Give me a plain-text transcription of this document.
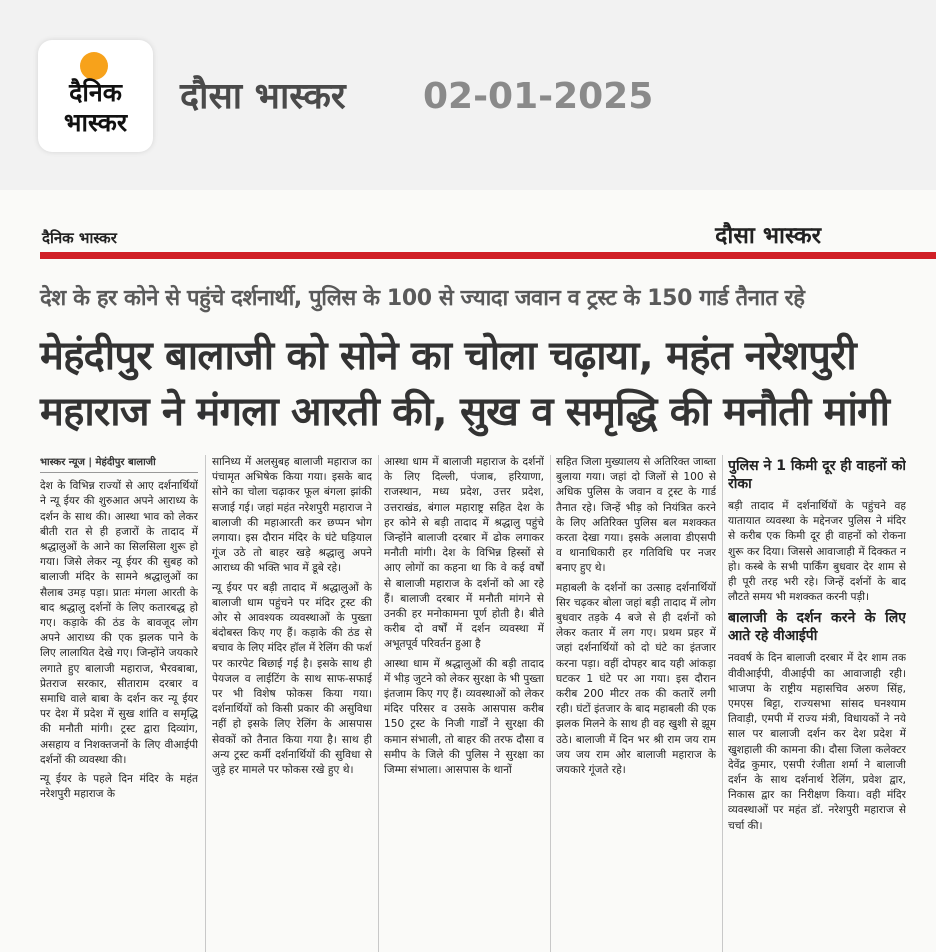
दैनिक
भास्कर
दौसा भास्कर 02-01-2025
दैनिक भास्कर	दौसा भास्कर
देश के हर कोने से पहुंचे दर्शनार्थी, पुलिस के 100 से ज्यादा जवान व ट्रस्ट के 150 गार्ड तैनात रहे
मेहंदीपुर बालाजी को सोने का चोला चढ़ाया, महंत नरेशपुरी
महाराज ने मंगला आरती की, सुख व समृद्धि की मनौती मांगी
भास्कर न्यूज | मेहंदीपुर बालाजी

देश के विभिन्न राज्यों से आए दर्शनार्थियों ने न्यू ईयर की शुरुआत अपने आराध्य के दर्शन के साथ की। आस्था भाव को लेकर बीती रात से ही हजारों के तादाद में श्रद्धालुओं के आने का सिलसिला शुरू हो गया। जिसे लेकर न्यू ईयर की सुबह को बालाजी मंदिर के सामने श्रद्धालुओं का सैलाब उमड़ पड़ा। प्रातः मंगला आरती के बाद श्रद्धालु दर्शनों के लिए कतारबद्ध हो गए। कड़ाके की ठंड के बावजूद लोग अपने आराध्य की एक झलक पाने के लिए लालायित देखे गए। जिन्होंने जयकारे लगाते हुए बालाजी महाराज, भैरवबाबा, प्रेतराज सरकार, सीताराम दरबार व समाधि वाले बाबा के दर्शन कर न्यू ईयर पर देश में प्रदेश में सुख शांति व समृद्धि की मनौती मांगी। ट्रस्ट द्वारा दिव्यांग, असहाय व निशक्तजनों के लिए वीआईपी दर्शनों की व्यवस्था की।

न्यू ईयर के पहले दिन मंदिर के महंत नरेशपुरी महाराज के

सानिध्य में अलसुबह बालाजी महाराज का पंचामृत अभिषेक किया गया। इसके बाद सोने का चोला चढ़ाकर फूल बंगला झांकी सजाई गई। जहां महंत नरेशपुरी महाराज ने बालाजी की महाआरती कर छप्पन भोग लगाया। इस दौरान मंदिर के घंटे घड़ियाल गूंज उठे तो बाहर खड़े श्रद्धालु अपने आराध्य की भक्ति भाव में डूबे रहे।

न्यू ईयर पर बड़ी तादाद में श्रद्धालुओं के बालाजी धाम पहुंचने पर मंदिर ट्रस्ट की ओर से आवश्यक व्यवस्थाओं के पुख्ता बंदोबस्त किए गए हैं। कड़ाके की ठंड से बचाव के लिए मंदिर हॉल में रेलिंग की फर्श पर कारपेट बिछाई गई है। इसके साथ ही पेयजल व लाईटिंग के साथ साफ-सफाई पर भी विशेष फोकस किया गया। दर्शनार्थियों को किसी प्रकार की असुविधा नहीं हो इसके लिए रेलिंग के आसपास सेवकों को तैनात किया गया है। साथ ही अन्य ट्रस्ट कर्मी दर्शनार्थियों की सुविधा से जुड़े हर मामले पर फोकस रखे हुए थे।

आस्था धाम में बालाजी महाराज के दर्शनों के लिए दिल्ली, पंजाब, हरियाणा, राजस्थान, मध्य प्रदेश, उत्तर प्रदेश, उत्तराखंड, बंगाल महाराष्ट्र सहित देश के हर कोने से बड़ी तादाद में श्रद्धालु पहुंचे जिन्होंने बालाजी दरबार में ढोक लगाकर मनौती मांगी। देश के विभिन्न हिस्सों से आए लोगों का कहना था कि वे कई वर्षों से बालाजी महाराज के दर्शनों को आ रहे हैं। बालाजी दरबार में मनौती मांगने से उनकी हर मनोकामना पूर्ण होती है। बीते करीब दो वर्षों में दर्शन व्यवस्था में अभूतपूर्व परिवर्तन हुआ है

आस्था धाम में श्रद्धालुओं की बड़ी तादाद में भीड़ जुटने को लेकर सुरक्षा के भी पुख्ता इंतजाम किए गए हैं। व्यवस्थाओं को लेकर मंदिर परिसर व उसके आसपास करीब 150 ट्रस्ट के निजी गार्डों ने सुरक्षा की कमान संभाली, तो बाहर की तरफ दौसा व समीप के जिले की पुलिस ने सुरक्षा का जिम्मा संभाला। आसपास के थानों

सहित जिला मुख्यालय से अतिरिक्त जाब्ता बुलाया गया। जहां दो जिलों से 100 से अधिक पुलिस के जवान व ट्रस्ट के गार्ड तैनात रहे। जिन्हें भीड़ को नियंत्रित करने के लिए अतिरिक्त पुलिस बल मशक्कत करता देखा गया। इसके अलावा डीएसपी व थानाधिकारी हर गतिविधि पर नजर बनाए हुए थे।

महाबली के दर्शनों का उत्साह दर्शनार्थियों सिर चढ़कर बोला जहां बड़ी तादाद में लोग बुधवार तड़के 4 बजे से ही दर्शनों को लेकर कतार में लग गए। प्रथम प्रहर में जहां दर्शनार्थियों को दो घंटे का इंतजार करना पड़ा। वहीं दोपहर बाद यही आंकड़ा घटकर 1 घंटे पर आ गया। इस दौरान करीब 200 मीटर तक की कतारें लगी रही। घंटों इंतजार के बाद महाबली की एक झलक मिलने के साथ ही वह खुशी से झूम उठे। बालाजी में दिन भर श्री राम जय राम जय जय राम ओर बालाजी महाराज के जयकारे गूंजते रहे।

पुलिस ने 1 किमी दूर ही वाहनों को रोका

बड़ी तादाद में दर्शनार्थियों के पहुंचने वह यातायात व्यवस्था के मद्देनजर पुलिस ने मंदिर से करीब एक किमी दूर ही वाहनों को रोकना शुरू कर दिया। जिससे आवाजाही में दिक्कत न हो। कस्बे के सभी पार्किंग बुधवार देर शाम से ही पूरी तरह भरी रहे। जिन्हें दर्शनों के बाद लौटते समय भी मशक्कत करनी पड़ी।

बालाजी के दर्शन करने के लिए आते रहे वीआईपी

नववर्ष के दिन बालाजी दरबार में देर शाम तक वीवीआईपी, वीआईपी का आवाजाही रही। भाजपा के राष्ट्रीय महासचिव अरुण सिंह, एमएस बिट्टा, राज्यसभा सांसद घनश्याम तिवाड़ी, एमपी में राज्य मंत्री, विधायकों ने नये साल पर बालाजी दर्शन कर देश प्रदेश में खुशहाली की कामना की। दौसा जिला कलेक्टर देवेंद्र कुमार, एसपी रंजीता शर्मा ने बालाजी दर्शन के साथ दर्शनार्थ रेलिंग, प्रवेश द्वार, निकास द्वार का निरीक्षण किया। वही मंदिर व्यवस्थाओं पर महंत डॉ. नरेशपुरी महाराज से चर्चा की।
